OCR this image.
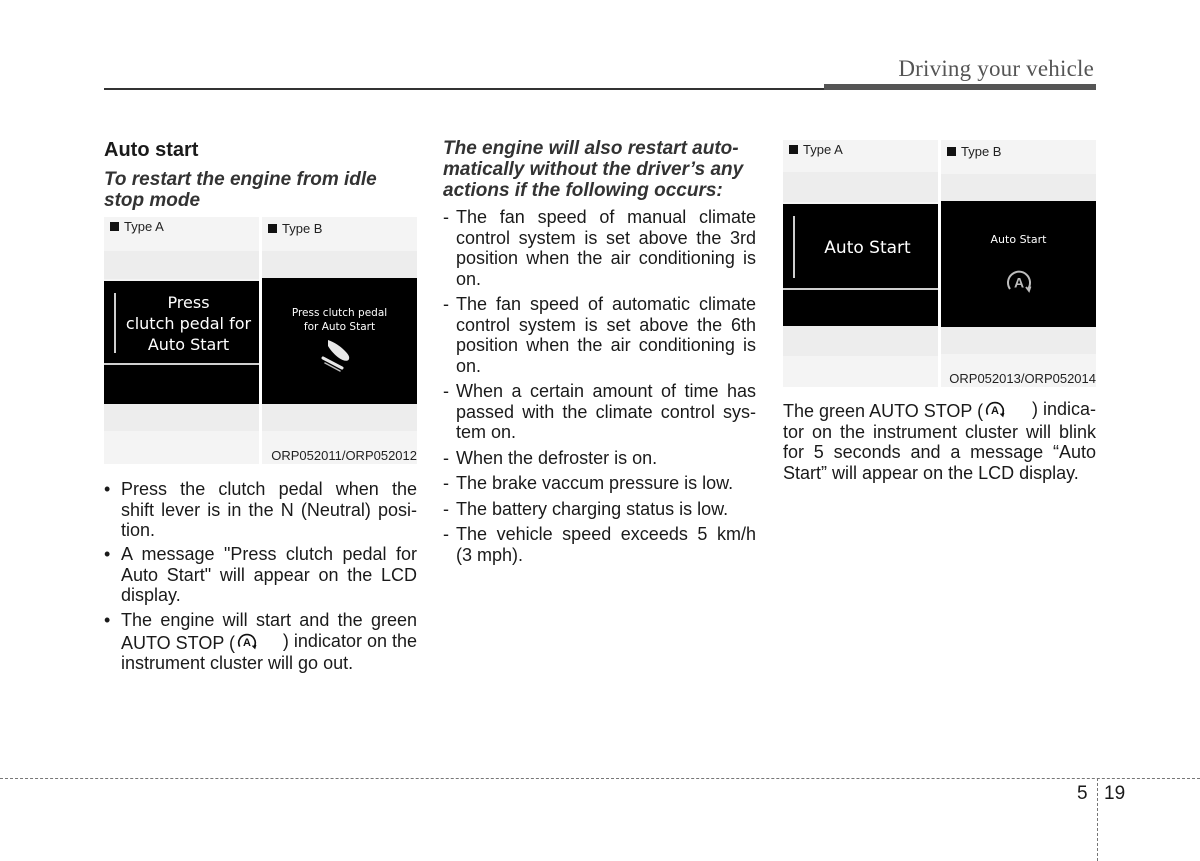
Driving your vehicle
Auto start
To restart the engine from idle stop mode
Type A
Press
clutch pedal for
Auto Start
Type B
Press clutch pedal
for Auto Start
ORP052011/ORP052012
• Press the clutch pedal when the
shift lever is in the N (Neutral) posi-
tion.
• A message "Press clutch pedal for
Auto Start" will appear on the LCD
display.
• The engine will start and the green
AUTO STOP ( A ) indicator on the
instrument cluster will go out.
The engine will also restart auto-
matically without the driver’s any
actions if the following occurs:
- The fan speed of manual climate
control system is set above the 3rd
position when the air conditioning is
on.
- The fan speed of automatic climate
control system is set above the 6th
position when the air conditioning is
on.
- When a certain amount of time has
passed with the climate control sys-
tem on.
- When the defroster is on.
- The brake vaccum pressure is low.
- The battery charging status is low.
- The vehicle speed exceeds 5 km/h
(3 mph).
Type A
Auto Start
Type B
Auto Start
A
ORP052013/ORP052014
The green AUTO STOP ( A ) indica-
tor on the instrument cluster will blink
for 5 seconds and a message “Auto
Start” will appear on the LCD display.
5 19
